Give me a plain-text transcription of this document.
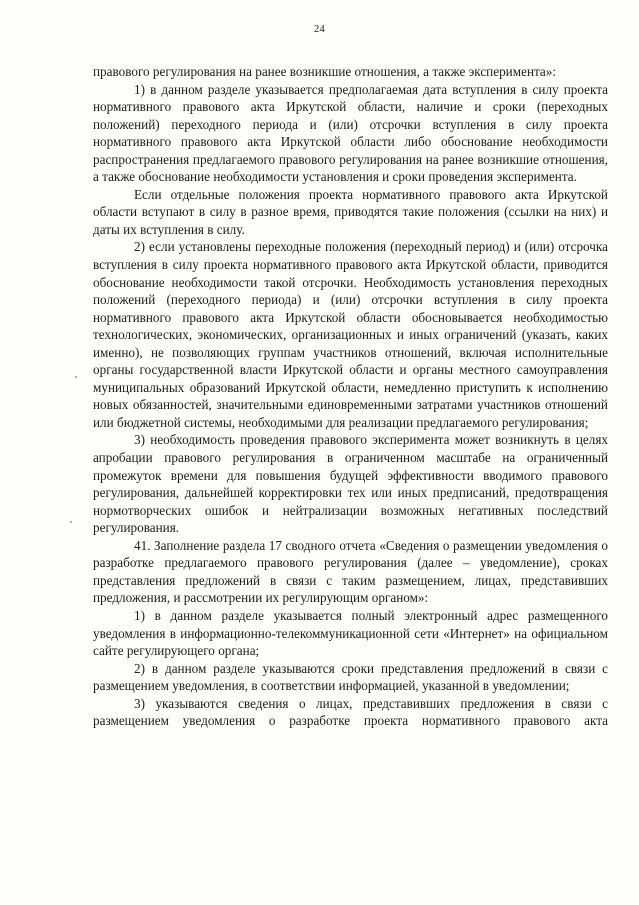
24

правового регулирования на ранее возникшие отношения, а также эксперимента»:

1) в данном разделе указывается предполагаемая дата вступления в силу проекта нормативного правового акта Иркутской области, наличие и сроки (переходных положений) переходного периода и (или) отсрочки вступления в силу проекта нормативного правового акта Иркутской области либо обоснование необходимости распространения предлагаемого правового регулирования на ранее возникшие отношения, а также обоснование необходимости установления и сроки проведения эксперимента.

Если отдельные положения проекта нормативного правового акта Иркутской области вступают в силу в разное время, приводятся такие положения (ссылки на них) и даты их вступления в силу.

2) если установлены переходные положения (переходный период) и (или) отсрочка вступления в силу проекта нормативного правового акта Иркутской области, приводится обоснование необходимости такой отсрочки. Необходимость установления переходных положений (переходного периода) и (или) отсрочки вступления в силу проекта нормативного правового акта Иркутской области обосновывается необходимостью технологических, экономических, организационных и иных ограничений (указать, каких именно), не позволяющих группам участников отношений, включая исполнительные органы государственной власти Иркутской области и органы местного самоуправления муниципальных образований Иркутской области, немедленно приступить к исполнению новых обязанностей, значительными единовременными затратами участников отношений или бюджетной системы, необходимыми для реализации предлагаемого регулирования;

3) необходимость проведения правового эксперимента может возникнуть в целях апробации правового регулирования в ограниченном масштабе на ограниченный промежуток времени для повышения будущей эффективности вводимого правового регулирования, дальнейшей корректировки тех или иных предписаний, предотвращения нормотворческих ошибок и нейтрализации возможных негативных последствий регулирования.

41. Заполнение раздела 17 сводного отчета «Сведения о размещении уведомления о разработке предлагаемого правового регулирования (далее – уведомление), сроках представления предложений в связи с таким размещением, лицах, представивших предложения, и рассмотрении их регулирующим органом»:

1) в данном разделе указывается полный электронный адрес размещенного уведомления в информационно-телекоммуникационной сети «Интернет» на официальном сайте регулирующего органа;

2) в данном разделе указываются сроки представления предложений в связи с размещением уведомления, в соответствии информацией, указанной в уведомлении;

3) указываются сведения о лицах, представивших предложения в связи с размещением уведомления о разработке проекта нормативного правового акта
